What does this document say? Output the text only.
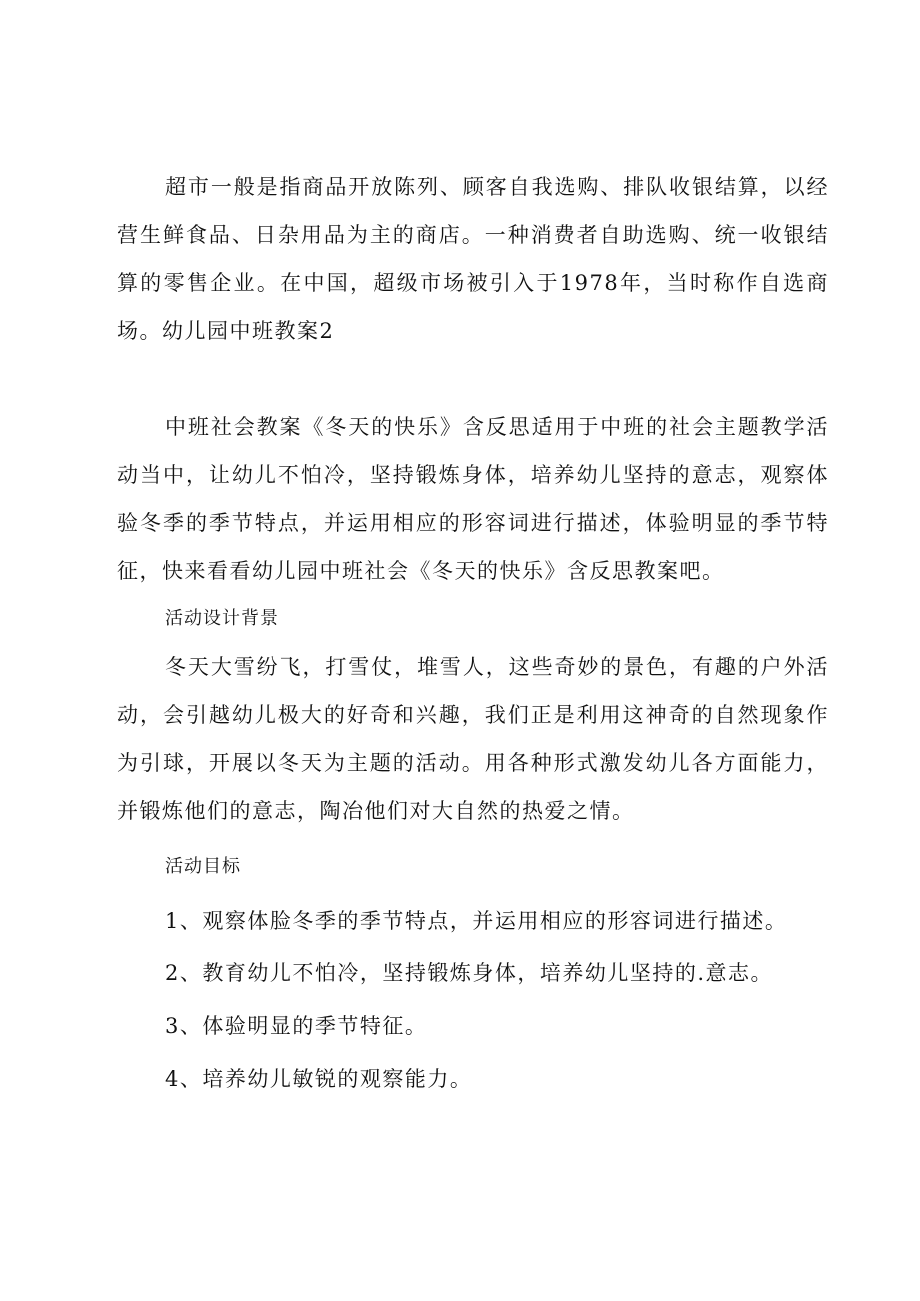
超市一般是指商品开放陈列、顾客自我选购、排队收银结算，以经营生鲜食品、日杂用品为主的商店。一种消费者自助选购、统一收银结算的零售企业。在中国，超级市场被引入于1978年，当时称作自选商场。幼儿园中班教案2

中班社会教案《冬天的快乐》含反思适用于中班的社会主题教学活动当中，让幼儿不怕冷，坚持锻炼身体，培养幼儿坚持的意志，观察体验冬季的季节特点，并运用相应的形容词进行描述，体验明显的季节特征，快来看看幼儿园中班社会《冬天的快乐》含反思教案吧。

活动设计背景

冬天大雪纷飞，打雪仗，堆雪人，这些奇妙的景色，有趣的户外活动，会引越幼儿极大的好奇和兴趣，我们正是利用这神奇的自然现象作为引球，开展以冬天为主题的活动。用各种形式激发幼儿各方面能力，并锻炼他们的意志，陶冶他们对大自然的热爱之情。

活动目标

1、观察体脸冬季的季节特点，并运用相应的形容词进行描述。

2、教育幼儿不怕冷，坚持锻炼身体，培养幼儿坚持的.意志。

3、体验明显的季节特征。

4、培养幼儿敏锐的观察能力。
